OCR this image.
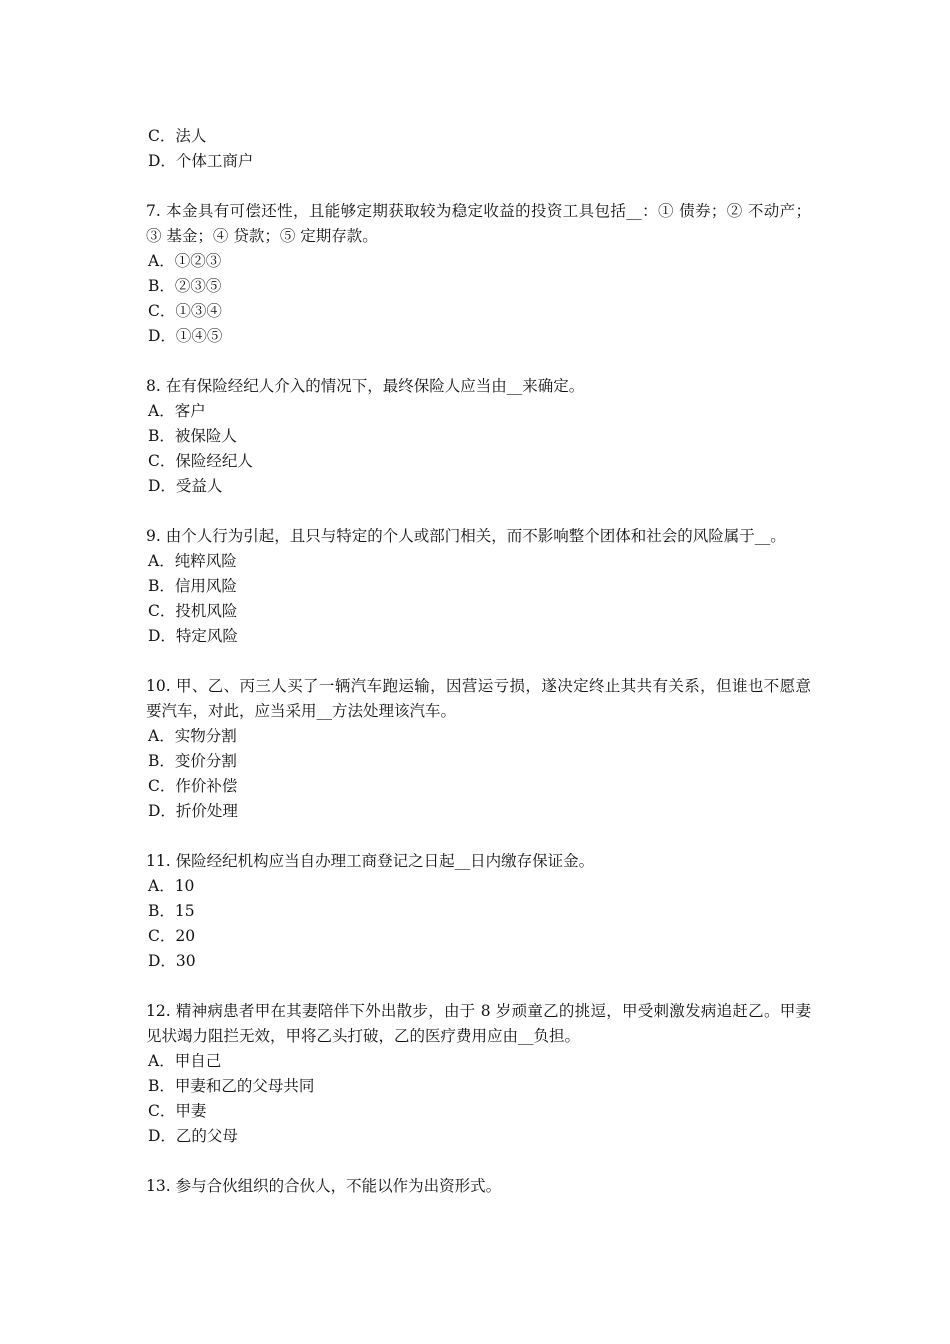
C．法人
D．个体工商户
7. 本金具有可偿还性，且能够定期获取较为稳定收益的投资工具包括__：① 债券；② 不动产；③ 基金；④ 贷款；⑤ 定期存款。
A．①②③
B．②③⑤
C．①③④
D．①④⑤
8. 在有保险经纪人介入的情况下，最终保险人应当由__来确定。
A．客户
B．被保险人
C．保险经纪人
D．受益人
9. 由个人行为引起，且只与特定的个人或部门相关，而不影响整个团体和社会的风险属于__。
A．纯粹风险
B．信用风险
C．投机风险
D．特定风险
10. 甲、乙、丙三人买了一辆汽车跑运输，因营运亏损，遂决定终止其共有关系，但谁也不愿意要汽车，对此，应当采用__方法处理该汽车。
A．实物分割
B．变价分割
C．作价补偿
D．折价处理
11. 保险经纪机构应当自办理工商登记之日起__日内缴存保证金。
A．10
B．15
C．20
D．30
12. 精神病患者甲在其妻陪伴下外出散步，由于 8 岁顽童乙的挑逗，甲受刺激发病追赶乙。甲妻见状竭力阻拦无效，甲将乙头打破，乙的医疗费用应由__负担。
A．甲自己
B．甲妻和乙的父母共同
C．甲妻
D．乙的父母
13. 参与合伙组织的合伙人，不能以作为出资形式。
